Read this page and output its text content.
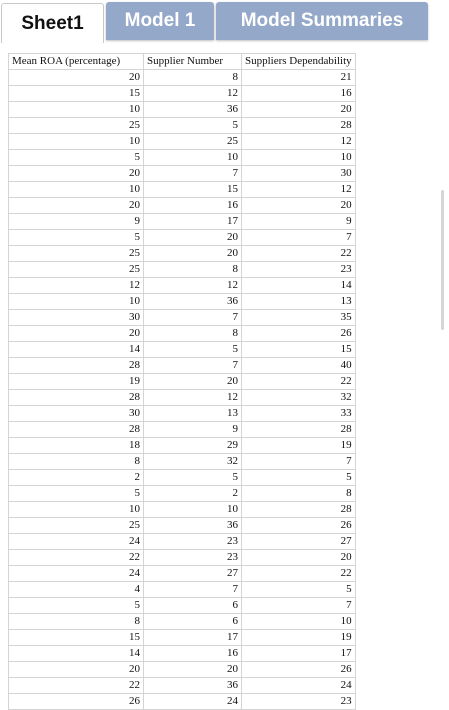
Sheet1	Model 1	Model Summaries
Mean ROA (percentage)	Supplier Number	Suppliers Dependability
20	8	21
15	12	16
10	36	20
25	5	28
10	25	12
5	10	10
20	7	30
10	15	12
20	16	20
9	17	9
5	20	7
25	20	22
25	8	23
12	12	14
10	36	13
30	7	35
20	8	26
14	5	15
28	7	40
19	20	22
28	12	32
30	13	33
28	9	28
18	29	19
8	32	7
2	5	5
5	2	8
10	10	28
25	36	26
24	23	27
22	23	20
24	27	22
4	7	5
5	6	7
8	6	10
15	17	19
14	16	17
20	20	26
22	36	24
26	24	23
